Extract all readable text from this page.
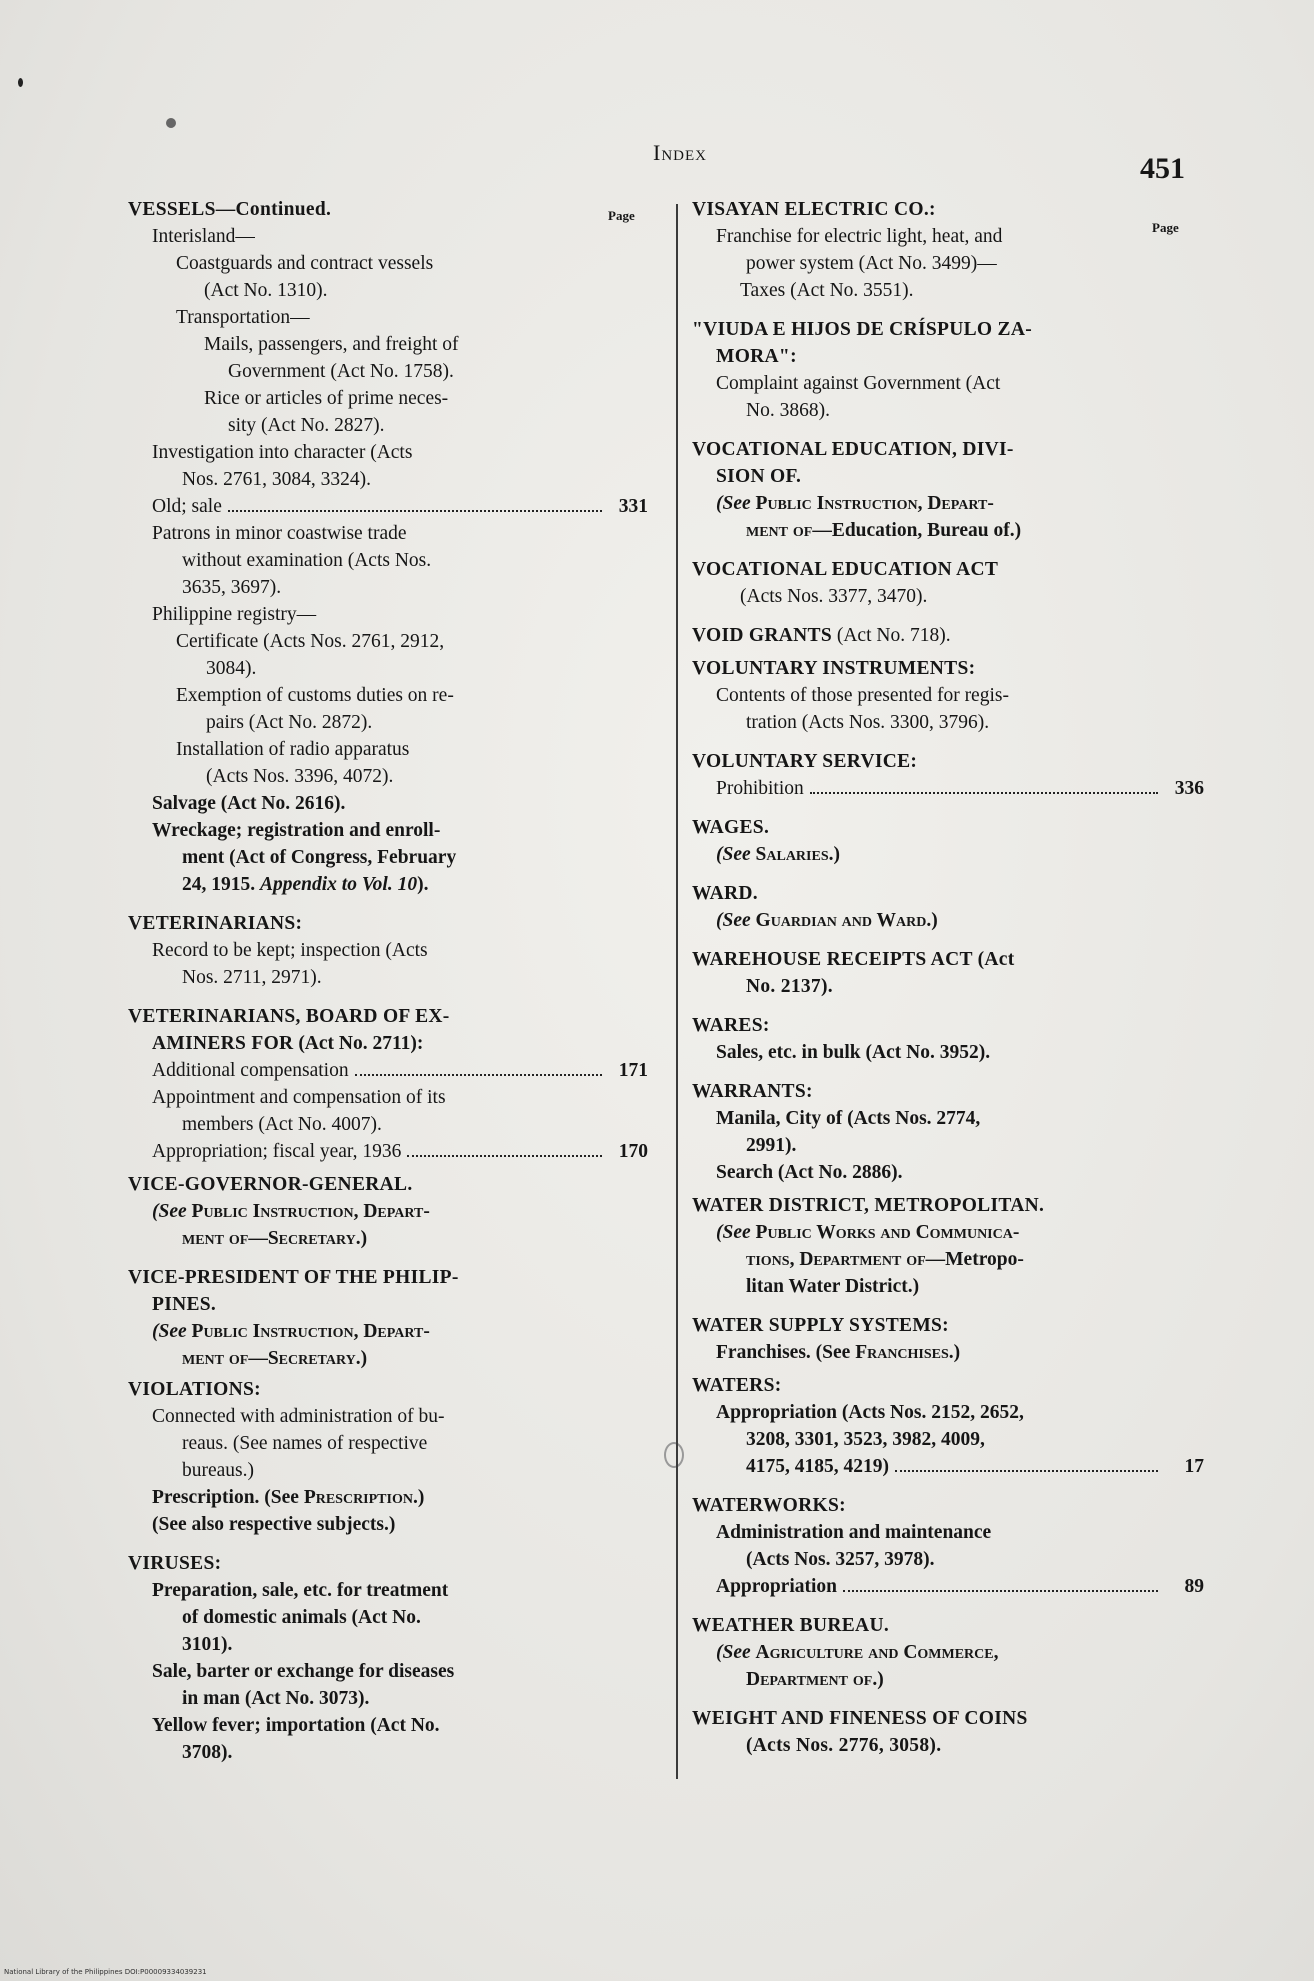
Index	451
Page
Page
VESSELS—Continued.
Interisland—
Coastguards and contract vessels
(Act No. 1310).
Transportation—
Mails, passengers, and freight of
Government (Act No. 1758).
Rice or articles of prime neces-
sity (Act No. 2827).
Investigation into character (Acts
Nos. 2761, 3084, 3324).
Old; sale	331
Patrons in minor coastwise trade
without examination (Acts Nos.
3635, 3697).
Philippine registry—
Certificate (Acts Nos. 2761, 2912,
3084).
Exemption of customs duties on re-
pairs (Act No. 2872).
Installation of radio apparatus
(Acts Nos. 3396, 4072).
Salvage (Act No. 2616).
Wreckage; registration and enroll-
ment (Act of Congress, February
24, 1915. Appendix to Vol. 10).
VETERINARIANS:
Record to be kept; inspection (Acts
Nos. 2711, 2971).
VETERINARIANS, BOARD OF EX-
AMINERS FOR (Act No. 2711):
Additional compensation	171
Appointment and compensation of its
members (Act No. 4007).
Appropriation; fiscal year, 1936	170
VICE-GOVERNOR-GENERAL.
(See Public Instruction, Depart-
ment of—Secretary.)
VICE-PRESIDENT OF THE PHILIP-
PINES.
(See Public Instruction, Depart-
ment of—Secretary.)
VIOLATIONS:
Connected with administration of bu-
reaus. (See names of respective
bureaus.)
Prescription. (See Prescription.)
(See also respective subjects.)
VIRUSES:
Preparation, sale, etc. for treatment
of domestic animals (Act No.
3101).
Sale, barter or exchange for diseases
in man (Act No. 3073).
Yellow fever; importation (Act No.
3708).
VISAYAN ELECTRIC CO.:
Franchise for electric light, heat, and
power system (Act No. 3499)—
Taxes (Act No. 3551).
"VIUDA E HIJOS DE CRÍSPULO ZA-
MORA":
Complaint against Government (Act
No. 3868).
VOCATIONAL EDUCATION, DIVI-
SION OF.
(See Public Instruction, Depart-
ment of—Education, Bureau of.)
VOCATIONAL EDUCATION ACT
(Acts Nos. 3377, 3470).
VOID GRANTS (Act No. 718).
VOLUNTARY INSTRUMENTS:
Contents of those presented for regis-
tration (Acts Nos. 3300, 3796).
VOLUNTARY SERVICE:
Prohibition	336
WAGES.
(See Salaries.)
WARD.
(See Guardian and Ward.)
WAREHOUSE RECEIPTS ACT (Act
No. 2137).
WARES:
Sales, etc. in bulk (Act No. 3952).
WARRANTS:
Manila, City of (Acts Nos. 2774,
2991).
Search (Act No. 2886).
WATER DISTRICT, METROPOLITAN.
(See Public Works and Communica-
tions, Department of—Metropo-
litan Water District.)
WATER SUPPLY SYSTEMS:
Franchises. (See Franchises.)
WATERS:
Appropriation (Acts Nos. 2152, 2652,
3208, 3301, 3523, 3982, 4009,
4175, 4185, 4219)	17
WATERWORKS:
Administration and maintenance
(Acts Nos. 3257, 3978).
Appropriation	89
WEATHER BUREAU.
(See Agriculture and Commerce,
Department of.)
WEIGHT AND FINENESS OF COINS
(Acts Nos. 2776, 3058).
National Library of the Philippines DOI:P00009334039231
